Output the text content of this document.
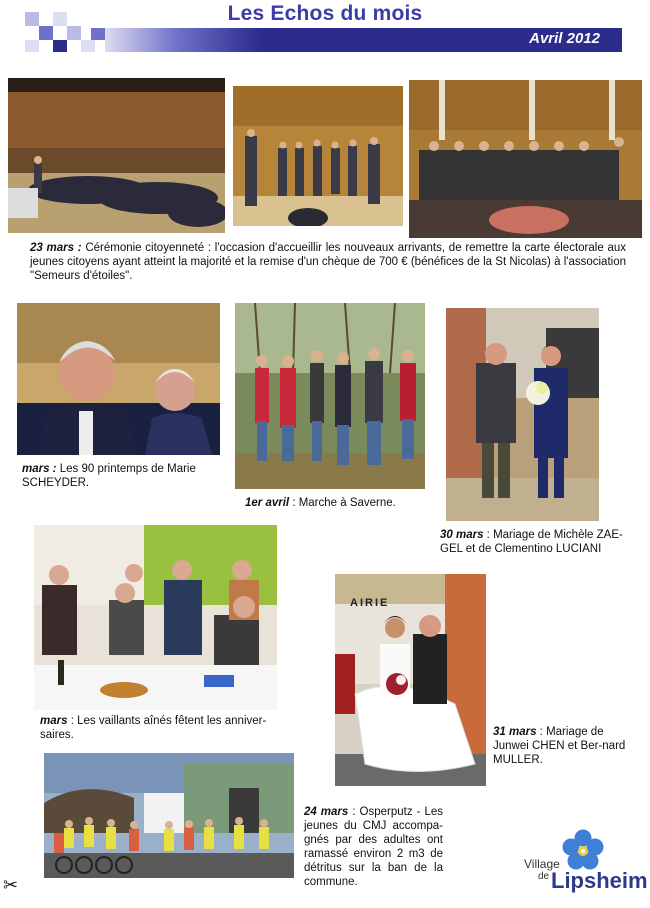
Les Echos du mois
Avril 2012
23 mars : Cérémonie citoyenneté : l'occasion d'accueillir les nouveaux arrivants, de remettre la carte électorale aux jeunes citoyens ayant atteint la majorité et la remise d'un chèque de 700 € (bénéfices de la St Nicolas) à l'association "Semeurs d'étoiles".
mars : Les 90 printemps de Marie SCHEYDER.
1er avril : Marche à Saverne.
30 mars : Mariage de Michèle ZAE-GEL et de Clementino LUCIANI
mars : Les vaillants aînés fêtent les anniver-saires.
AIRIE
31 mars : Mariage de Junwei CHEN et Ber-nard MULLER.
24 mars : Osperputz - Les jeunes du CMJ accompa-gnés par des adultes ont ramassé environ 2 m3 de détritus sur la ban de la commune.
✂
Village
de Lipsheim
